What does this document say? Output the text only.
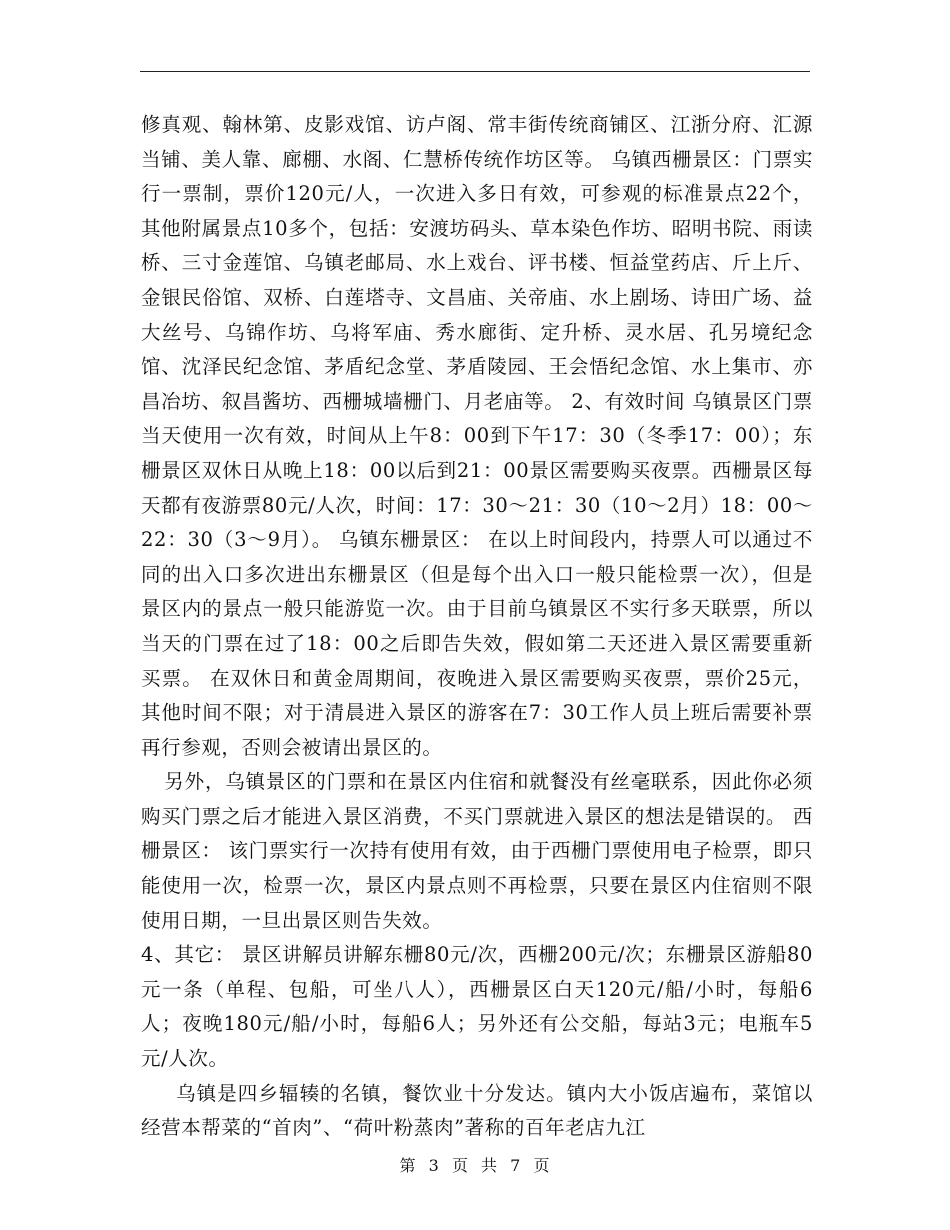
修真观、翰林第、皮影戏馆、访卢阁、常丰街传统商铺区、江浙分府、汇源当铺、美人靠、廊棚、水阁、仁慧桥传统作坊区等。 乌镇西栅景区：门票实行一票制，票价120元/人，一次进入多日有效，可参观的标准景点22个，其他附属景点10多个，包括：安渡坊码头、草本染色作坊、昭明书院、雨读桥、三寸金莲馆、乌镇老邮局、水上戏台、评书楼、恒益堂药店、斤上斤、金银民俗馆、双桥、白莲塔寺、文昌庙、关帝庙、水上剧场、诗田广场、益大丝号、乌锦作坊、乌将军庙、秀水廊街、定升桥、灵水居、孔另境纪念馆、沈泽民纪念馆、茅盾纪念堂、茅盾陵园、王会悟纪念馆、水上集市、亦昌冶坊、叙昌酱坊、西栅城墙栅门、月老庙等。 2、有效时间 乌镇景区门票当天使用一次有效，时间从上午8：00到下午17：30（冬季17：00）；东栅景区双休日从晚上18：00以后到21：00景区需要购买夜票。西栅景区每天都有夜游票80元/人次，时间：17：30～21：30（10～2月）18：00～22：30（3～9月）。 乌镇东栅景区： 在以上时间段内，持票人可以通过不同的出入口多次进出东栅景区（但是每个出入口一般只能检票一次），但是景区内的景点一般只能游览一次。由于目前乌镇景区不实行多天联票，所以当天的门票在过了18：00之后即告失效，假如第二天还进入景区需要重新买票。 在双休日和黄金周期间，夜晚进入景区需要购买夜票，票价25元，其他时间不限；对于清晨进入景区的游客在7：30工作人员上班后需要补票再行参观，否则会被请出景区的。

另外，乌镇景区的门票和在景区内住宿和就餐没有丝毫联系，因此你必须购买门票之后才能进入景区消费，不买门票就进入景区的想法是错误的。 西栅景区： 该门票实行一次持有使用有效，由于西栅门票使用电子检票，即只能使用一次，检票一次，景区内景点则不再检票，只要在景区内住宿则不限使用日期，一旦出景区则告失效。

4、其它： 景区讲解员讲解东栅80元/次，西栅200元/次；东栅景区游船80元一条（单程、包船，可坐八人），西栅景区白天120元/船/小时，每船6人；夜晚180元/船/小时，每船6人；另外还有公交船，每站3元；电瓶车5元/人次。

乌镇是四乡辐辏的名镇，餐饮业十分发达。镇内大小饭店遍布，菜馆以经营本帮菜的“首肉”、“荷叶粉蒸肉”著称的百年老店九江

第 3 页 共 7 页
